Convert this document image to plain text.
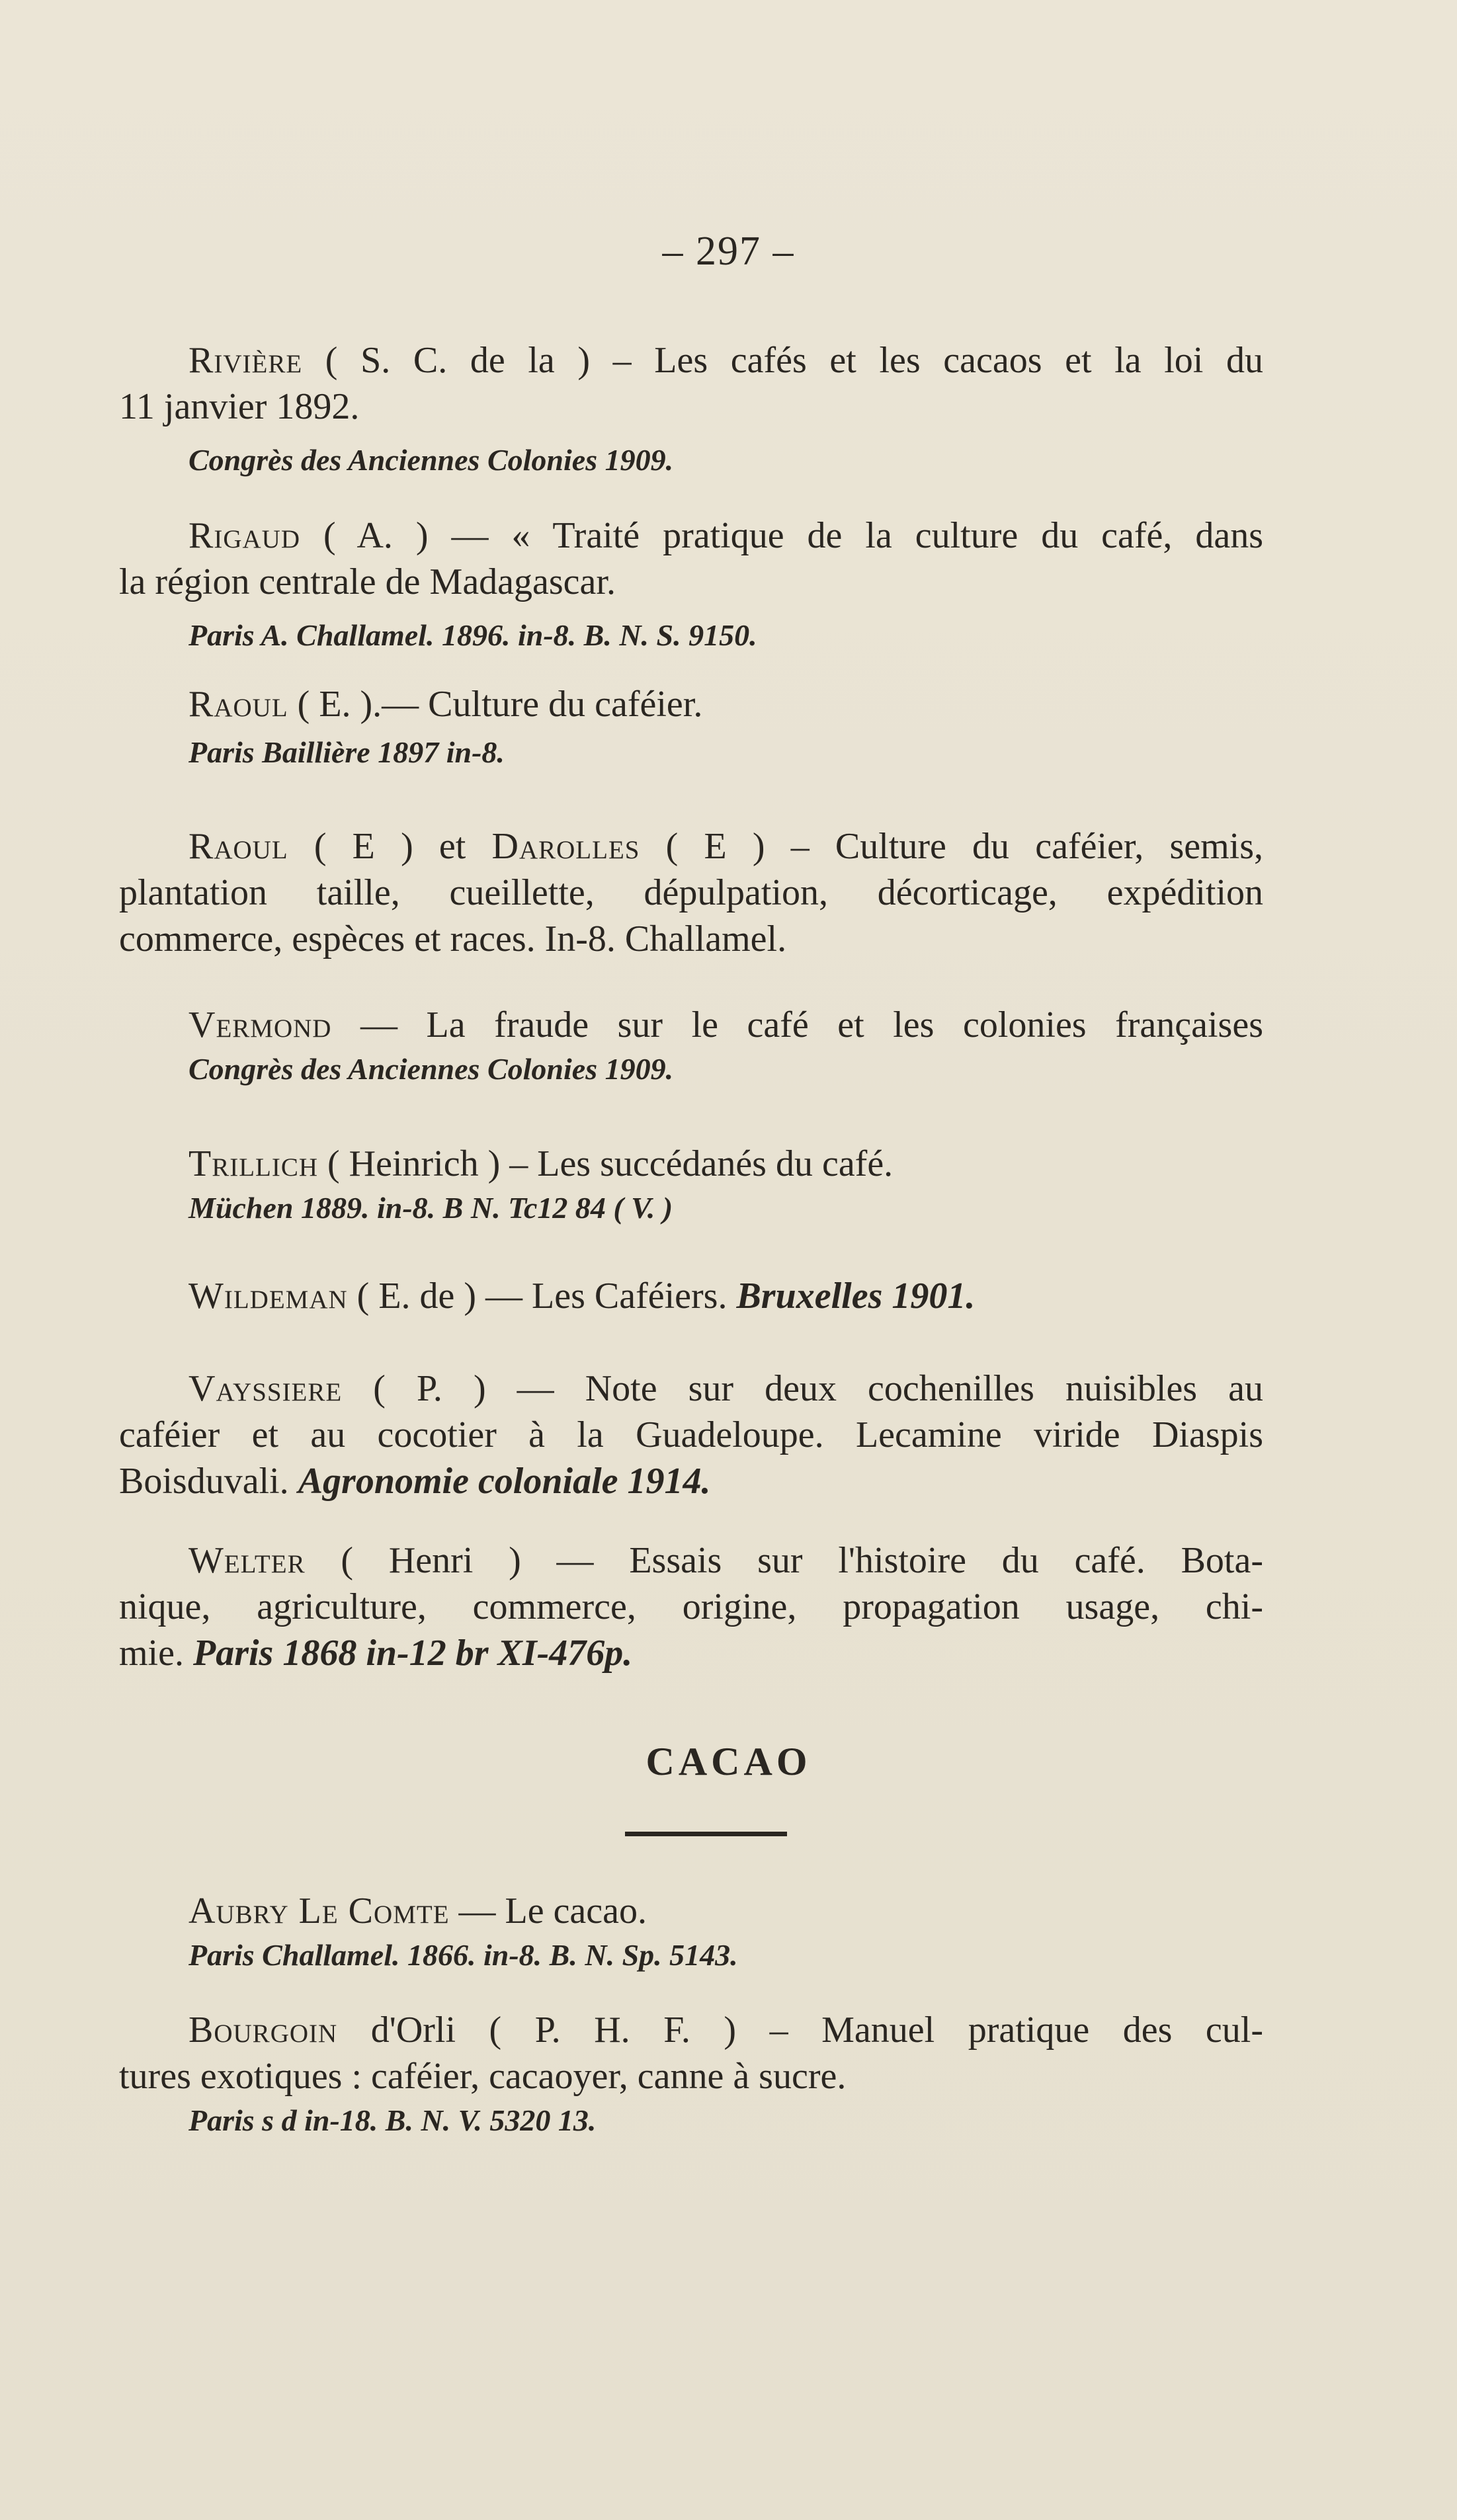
– 297 –
Rivière ( S. C. de la ) – Les cafés et les cacaos et la loi du
11 janvier 1892.
Congrès des Anciennes Colonies 1909.
Rigaud ( A. ) — « Traité pratique de la culture du café, dans
la région centrale de Madagascar.
Paris A. Challamel. 1896. in-8. B. N. S. 9150.
Raoul ( E. ).— Culture du caféier.
Paris Baillière 1897 in-8.
Raoul ( E ) et Darolles ( E ) – Culture du caféier, semis,
plantation taille, cueillette, dépulpation, décorticage, expédition
commerce, espèces et races. In-8. Challamel.
Vermond — La fraude sur le café et les colonies françaises
Congrès des Anciennes Colonies 1909.
Trillich ( Heinrich ) – Les succédanés du café.
Müchen 1889. in-8. B N. Tc12 84 ( V. )
Wildeman ( E. de ) — Les Caféiers. Bruxelles 1901.
Vayssiere ( P. ) — Note sur deux cochenilles nuisibles au
caféier et au cocotier à la Guadeloupe. Lecamine viride Diaspis
Boisduvali. Agronomie coloniale 1914.
Welter ( Henri ) — Essais sur l'histoire du café. Bota-
nique, agriculture, commerce, origine, propagation usage, chi-
mie. Paris 1868 in-12 br XI-476p.
CACAO
Aubry Le Comte — Le cacao.
Paris Challamel. 1866. in-8. B. N. Sp. 5143.
Bourgoin d'Orli ( P. H. F. ) – Manuel pratique des cul-
tures exotiques : caféier, cacaoyer, canne à sucre.
Paris s d in-18. B. N. V. 5320 13.
